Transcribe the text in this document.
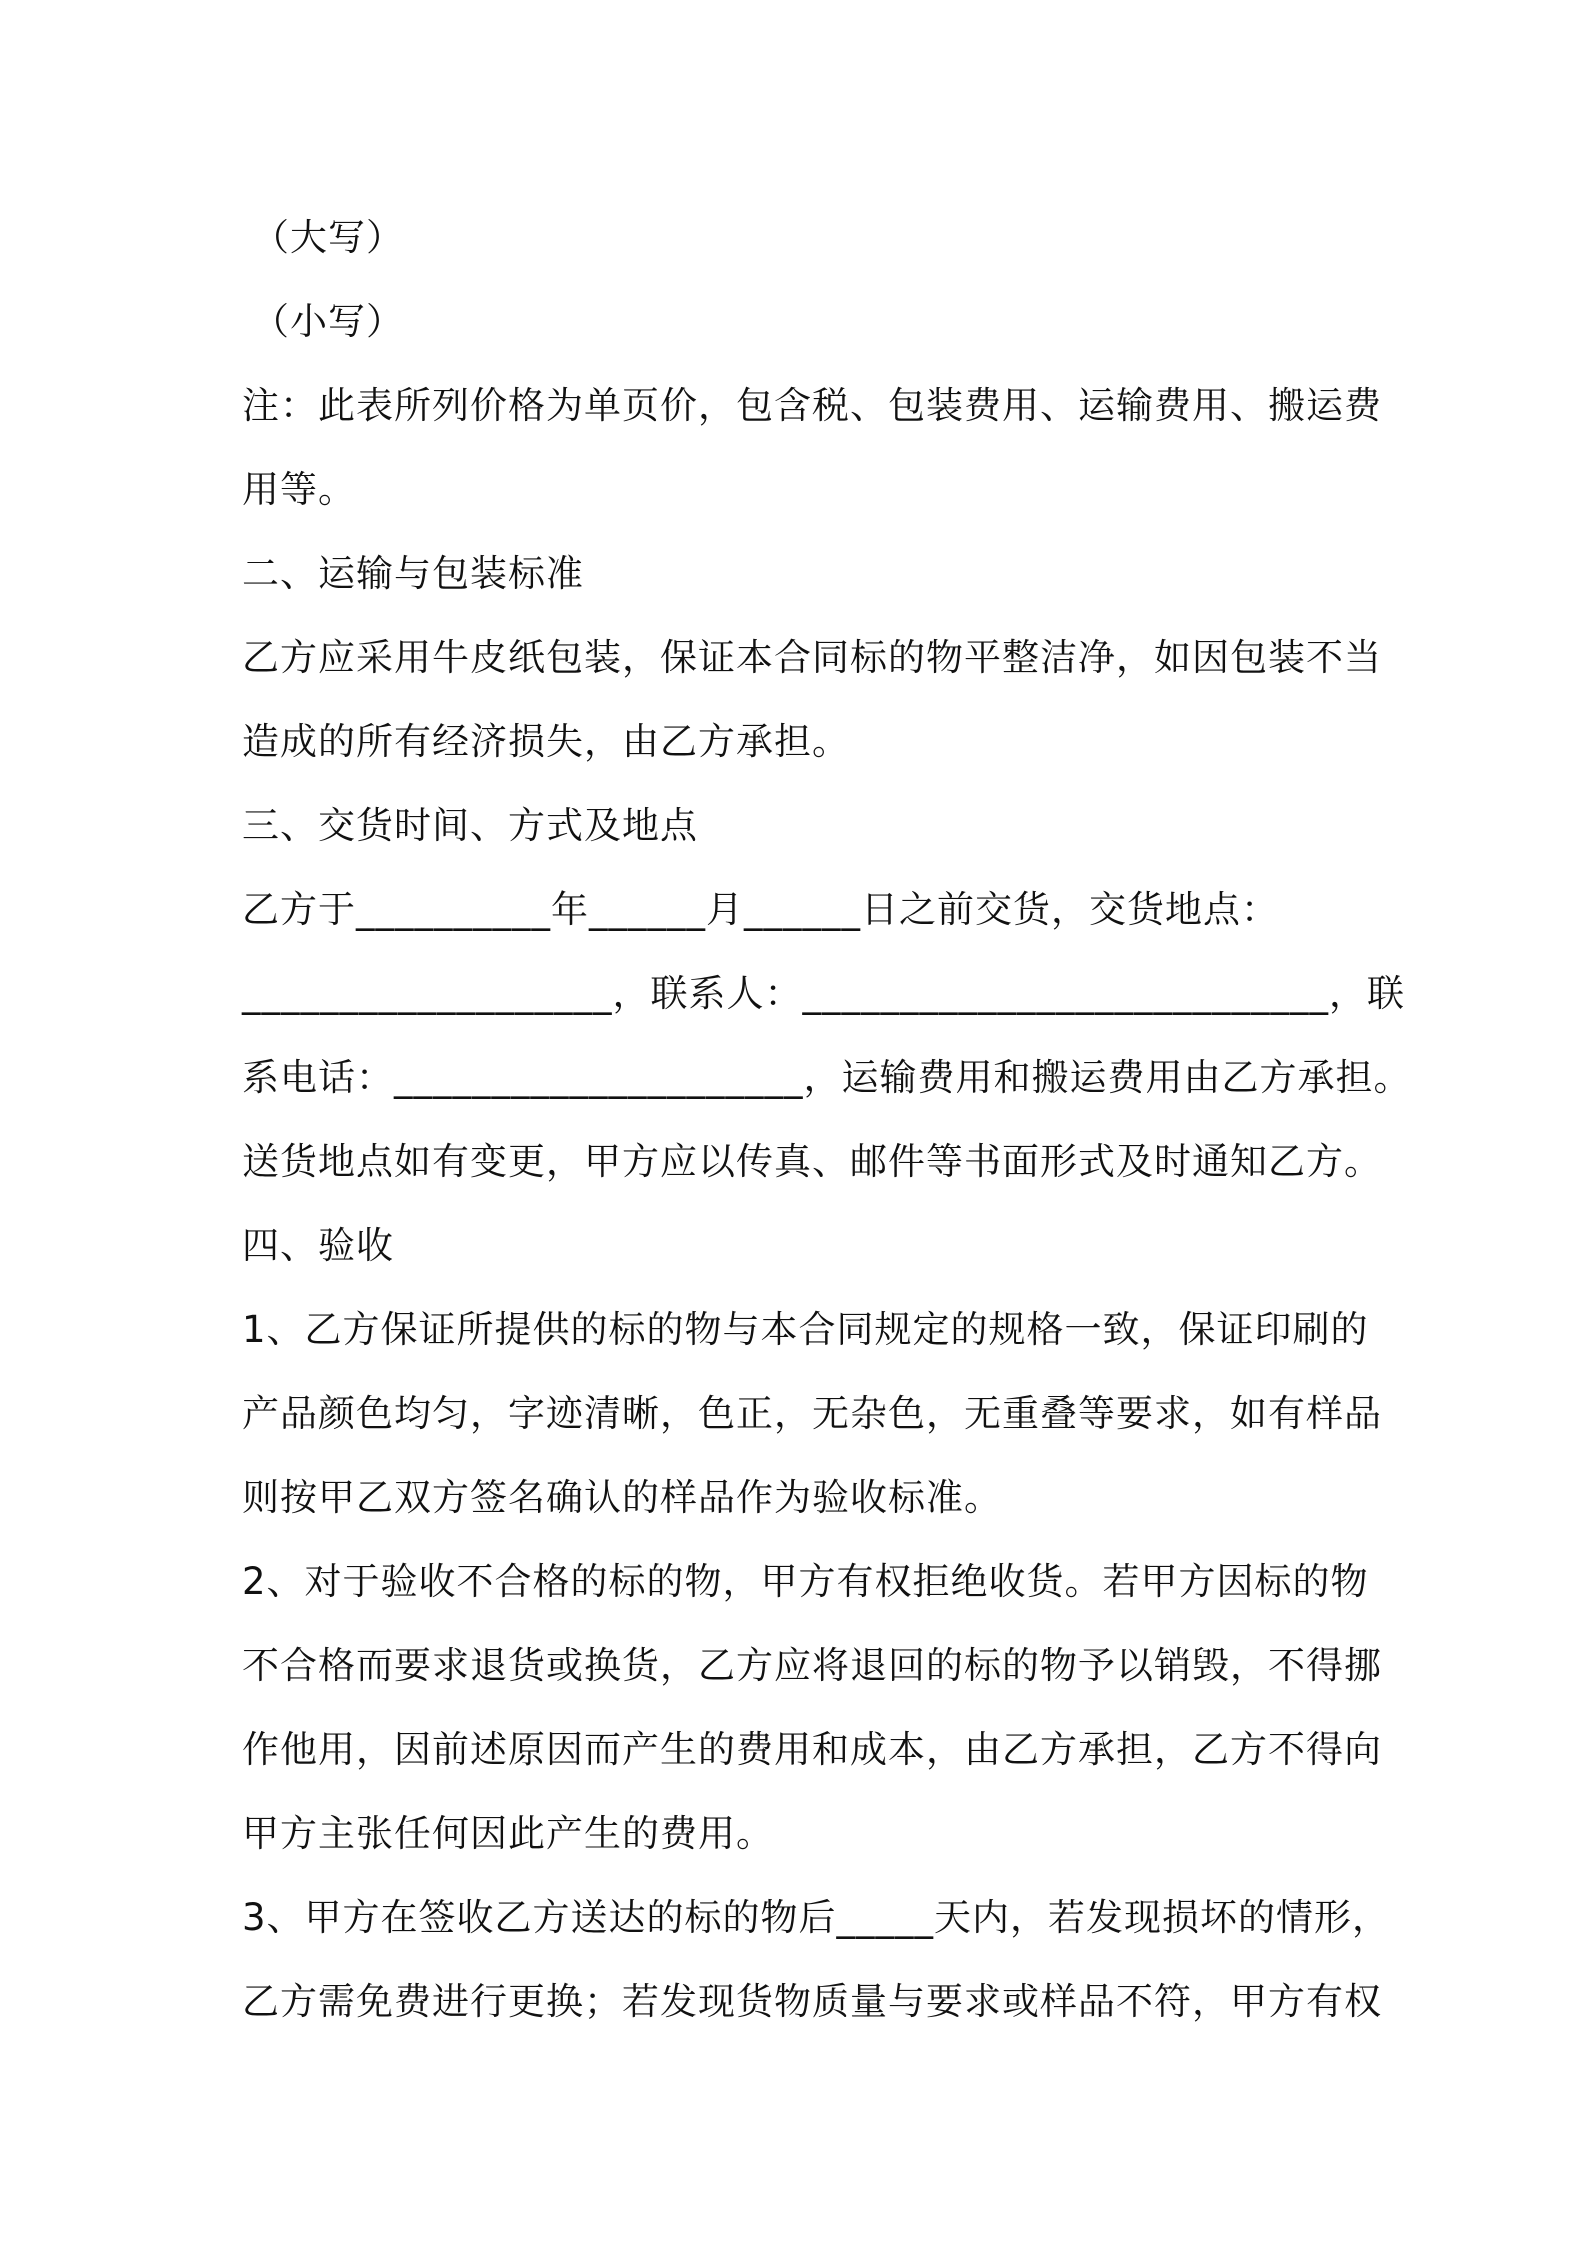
（大写）
（小写）
注：此表所列价格为单页价，包含税、包装费用、运输费用、搬运费
用等。
二、运输与包装标准
乙方应采用牛皮纸包装，保证本合同标的物平整洁净，如因包装不当
造成的所有经济损失，由乙方承担。
三、交货时间、方式及地点
乙方于__________年______月______日之前交货，交货地点：
___________________，联系人：___________________________，联
系电话：_____________________，运输费用和搬运费用由乙方承担。
送货地点如有变更，甲方应以传真、邮件等书面形式及时通知乙方。
四、验收
1、乙方保证所提供的标的物与本合同规定的规格一致，保证印刷的
产品颜色均匀，字迹清晰，色正，无杂色，无重叠等要求，如有样品
则按甲乙双方签名确认的样品作为验收标准。
2、对于验收不合格的标的物，甲方有权拒绝收货。若甲方因标的物
不合格而要求退货或换货，乙方应将退回的标的物予以销毁，不得挪
作他用，因前述原因而产生的费用和成本，由乙方承担，乙方不得向
甲方主张任何因此产生的费用。
3、甲方在签收乙方送达的标的物后_____天内，若发现损坏的情形，
乙方需免费进行更换；若发现货物质量与要求或样品不符，甲方有权
